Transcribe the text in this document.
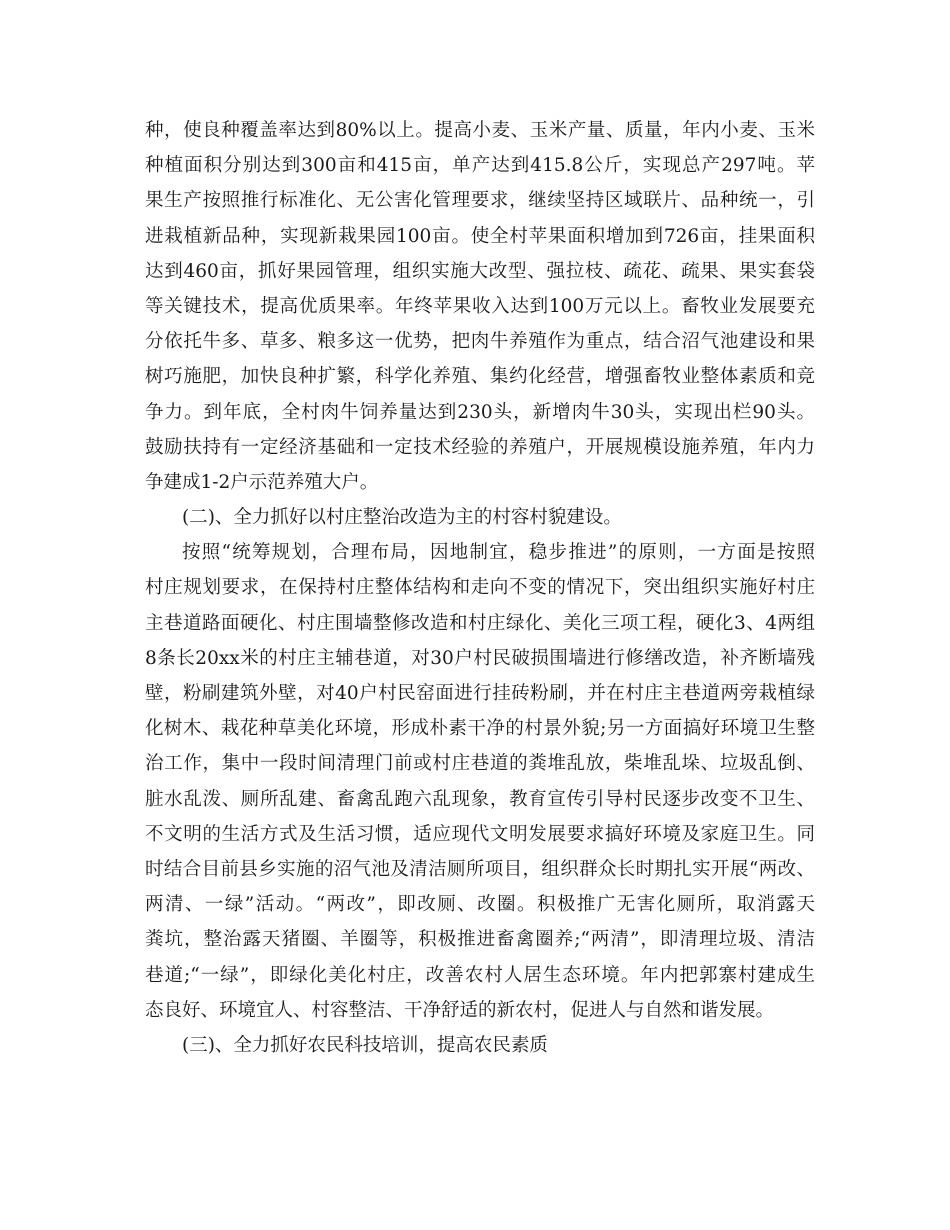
种，使良种覆盖率达到80%以上。提高小麦、玉米产量、质量，年内小麦、玉米
种植面积分别达到300亩和415亩，单产达到415.8公斤，实现总产297吨。苹
果生产按照推行标准化、无公害化管理要求，继续坚持区域联片、品种统一，引
进栽植新品种，实现新栽果园100亩。使全村苹果面积增加到726亩，挂果面积
达到460亩，抓好果园管理，组织实施大改型、强拉枝、疏花、疏果、果实套袋
等关键技术，提高优质果率。年终苹果收入达到100万元以上。畜牧业发展要充
分依托牛多、草多、粮多这一优势，把肉牛养殖作为重点，结合沼气池建设和果
树巧施肥，加快良种扩繁，科学化养殖、集约化经营，增强畜牧业整体素质和竞
争力。到年底，全村肉牛饲养量达到230头，新增肉牛30头，实现出栏90头。
鼓励扶持有一定经济基础和一定技术经验的养殖户，开展规模设施养殖，年内力
争建成1-2户示范养殖大户。
(二)、全力抓好以村庄整治改造为主的村容村貌建设。
按照“统筹规划，合理布局，因地制宜，稳步推进”的原则，一方面是按照
村庄规划要求，在保持村庄整体结构和走向不变的情况下，突出组织实施好村庄
主巷道路面硬化、村庄围墙整修改造和村庄绿化、美化三项工程，硬化3、4两组
8条长20xx米的村庄主辅巷道，对30户村民破损围墙进行修缮改造，补齐断墙残
壁，粉刷建筑外壁，对40户村民窑面进行挂砖粉刷，并在村庄主巷道两旁栽植绿
化树木、栽花种草美化环境，形成朴素干净的村景外貌;另一方面搞好环境卫生整
治工作，集中一段时间清理门前或村庄巷道的粪堆乱放，柴堆乱垛、垃圾乱倒、
脏水乱泼、厕所乱建、畜禽乱跑六乱现象，教育宣传引导村民逐步改变不卫生、
不文明的生活方式及生活习惯，适应现代文明发展要求搞好环境及家庭卫生。同
时结合目前县乡实施的沼气池及清洁厕所项目，组织群众长时期扎实开展“两改、
两清、一绿”活动。“两改”，即改厕、改圈。积极推广无害化厕所，取消露天
粪坑，整治露天猪圈、羊圈等，积极推进畜禽圈养;“两清”，即清理垃圾、清洁
巷道;“一绿”，即绿化美化村庄，改善农村人居生态环境。年内把郭寨村建成生
态良好、环境宜人、村容整洁、干净舒适的新农村，促进人与自然和谐发展。
(三)、全力抓好农民科技培训，提高农民素质
